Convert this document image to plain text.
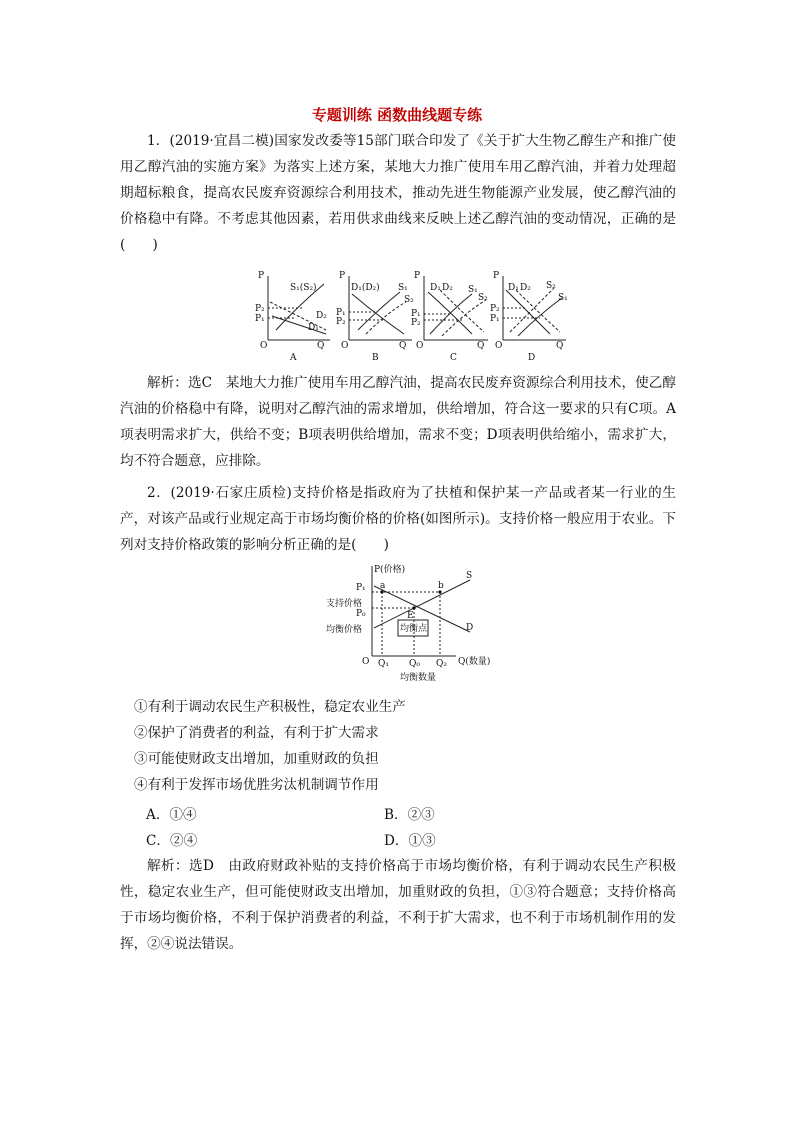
专题训练 函数曲线题专练
1．(2019·宜昌二模)国家发改委等15部门联合印发了《关于扩大生物乙醇生产和推广使用乙醇汽油的实施方案》为落实上述方案，某地大力推广使用车用乙醇汽油，并着力处理超期超标粮食，提高农民废弃资源综合利用技术，推动先进生物能源产业发展，使乙醇汽油的价格稳中有降。不考虑其他因素，若用供求曲线来反映上述乙醇汽油的变动情况，正确的是(　　)
P
O	Q
S₁(S₂)
D₂
D₁
P₂
P₁
A
P
O	Q
D₁(D₂) S₁
S₂
P₁
P₂
B
P
O	Q
D₁ D₂ S₁
S₂
P₁
P₂
C
P
O	Q
D₁ D₂ S₂
S₁
P₂
P₁
D
解析：选C　某地大力推广使用车用乙醇汽油，提高农民废弃资源综合利用技术，使乙醇汽油的价格稳中有降，说明对乙醇汽油的需求增加，供给增加，符合这一要求的只有C项。A项表明需求扩大，供给不变；B项表明供给增加，需求不变；D项表明供给缩小，需求扩大，均不符合题意，应排除。
2．(2019·石家庄质检)支持价格是指政府为了扶植和保护某一产品或者某一行业的生产，对该产品或行业规定高于市场均衡价格的价格(如图所示)。支持价格一般应用于农业。下列对支持价格政策的影响分析正确的是(　　)
P(价格)
Q(数量)
O
P₁
支持价格
P₀
均衡价格
Q₁ Q₀ Q₂
a	b
E
S
D
均衡点
均衡数量
①有利于调动农民生产积极性，稳定农业生产
②保护了消费者的利益，有利于扩大需求
③可能使财政支出增加，加重财政的负担
④有利于发挥市场优胜劣汰机制调节作用
A．①④	B．②③
C．②④	D．①③
解析：选D　由政府财政补贴的支持价格高于市场均衡价格，有利于调动农民生产积极性，稳定农业生产，但可能使财政支出增加，加重财政的负担，①③符合题意；支持价格高于市场均衡价格，不利于保护消费者的利益，不利于扩大需求，也不利于市场机制作用的发挥，②④说法错误。
